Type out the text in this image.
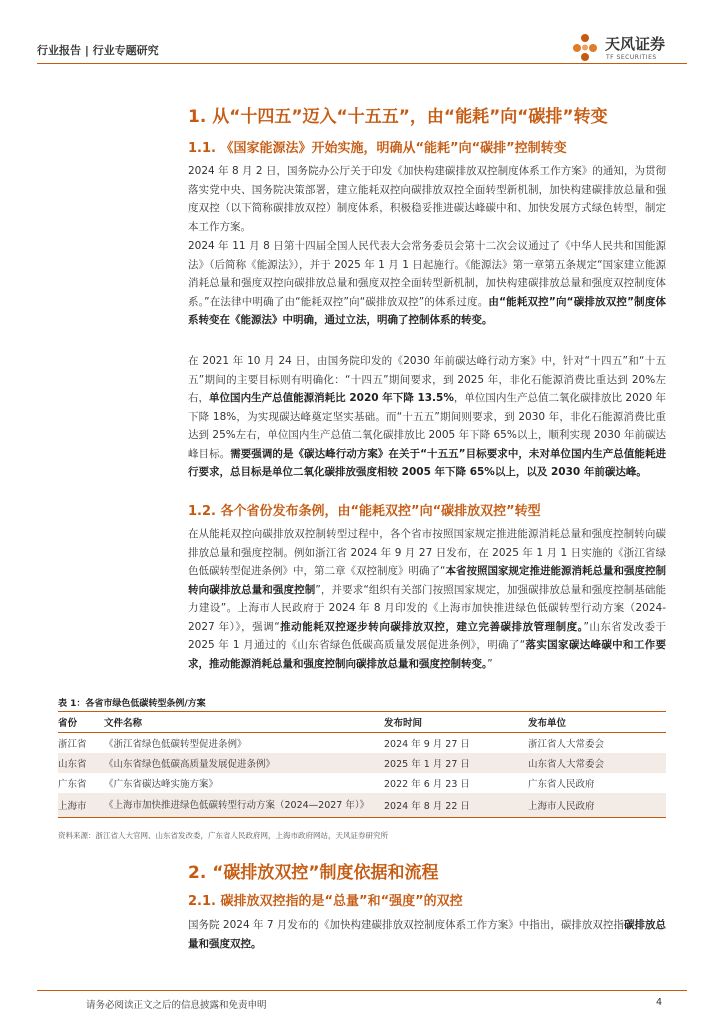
行业报告 | 行业专题研究	天风证券
TF SECURITIES
1. 从“十四五”迈入“十五五”，由“能耗”向“碳排”转变
1.1. 《国家能源法》开始实施，明确从“能耗”向“碳排”控制转变

2024 年 8 月 2 日，国务院办公厅关于印发《加快构建碳排放双控制度体系工作方案》的通知，为贯彻落实党中央、国务院决策部署，建立能耗双控向碳排放双控全面转型新机制，加快构建碳排放总量和强度双控（以下简称碳排放双控）制度体系，积极稳妥推进碳达峰碳中和、加快发展方式绿色转型，制定本工作方案。

2024 年 11 月 8 日第十四届全国人民代表大会常务委员会第十二次会议通过了《中华人民共和国能源法》（后简称《能源法》），并于 2025 年 1 月 1 日起施行。《能源法》第一章第五条规定“国家建立能源消耗总量和强度双控向碳排放总量和强度双控全面转型新机制，加快构建碳排放总量和强度双控制度体系。”在法律中明确了由“能耗双控”向“碳排放双控”的体系过度。由“能耗双控”向“碳排放双控”制度体系转变在《能源法》中明确，通过立法，明确了控制体系的转变。

在 2021 年 10 月 24 日，由国务院印发的《2030 年前碳达峰行动方案》中，针对“十四五”和“十五五”期间的主要目标则有明确化：“十四五”期间要求，到 2025 年，非化石能源消费比重达到 20%左右，单位国内生产总值能源消耗比 2020 年下降 13.5%，单位国内生产总值二氧化碳排放比 2020 年下降 18%，为实现碳达峰奠定坚实基础。而“十五五”期间则要求，到 2030 年，非化石能源消费比重达到 25%左右，单位国内生产总值二氧化碳排放比 2005 年下降 65%以上，顺利实现 2030 年前碳达峰目标。需要强调的是《碳达峰行动方案》在关于“十五五”目标要求中，未对单位国内生产总值能耗进行要求，总目标是单位二氧化碳排放强度相较 2005 年下降 65%以上，以及 2030 年前碳达峰。

1.2. 各个省份发布条例，由“能耗双控”向“碳排放双控”转型

在从能耗双控向碳排放双控制转型过程中，各个省市按照国家规定推进能源消耗总量和强度控制转向碳排放总量和强度控制。例如浙江省 2024 年 9 月 27 日发布，在 2025 年 1 月 1 日实施的《浙江省绿色低碳转型促进条例》中，第二章《双控制度》明确了“本省按照国家规定推进能源消耗总量和强度控制转向碳排放总量和强度控制”，并要求“组织有关部门按照国家规定，加强碳排放总量和强度控制基础能力建设”。上海市人民政府于 2024 年 8 月印发的《上海市加快推进绿色低碳转型行动方案（2024-2027 年）》，强调“推动能耗双控逐步转向碳排放双控，建立完善碳排放管理制度。”山东省发改委于 2025 年 1 月通过的《山东省绿色低碳高质量发展促进条例》，明确了“落实国家碳达峰碳中和工作要求，推动能源消耗总量和强度控制向碳排放总量和强度控制转变。”

表 1：各省市绿色低碳转型条例/方案
省份	文件名称	发布时间	发布单位
浙江省	《浙江省绿色低碳转型促进条例》	2024 年 9 月 27 日	浙江省人大常委会
山东省	《山东省绿色低碳高质量发展促进条例》	2025 年 1 月 27 日	山东省人大常委会
广东省	《广东省碳达峰实施方案》	2022 年 6 月 23 日	广东省人民政府
上海市	《上海市加快推进绿色低碳转型行动方案（2024—2027 年）》	2024 年 8 月 22 日	上海市人民政府
资料来源：浙江省人大官网、山东省发改委，广东省人民政府网，上海市政府网站，天风证券研究所
2. “碳排放双控”制度依据和流程
2.1. 碳排放双控指的是“总量”和“强度”的双控

国务院 2024 年 7 月发布的《加快构建碳排放双控制度体系工作方案》中指出，碳排放双控指碳排放总量和强度双控。

请务必阅读正文之后的信息披露和免责申明	4
